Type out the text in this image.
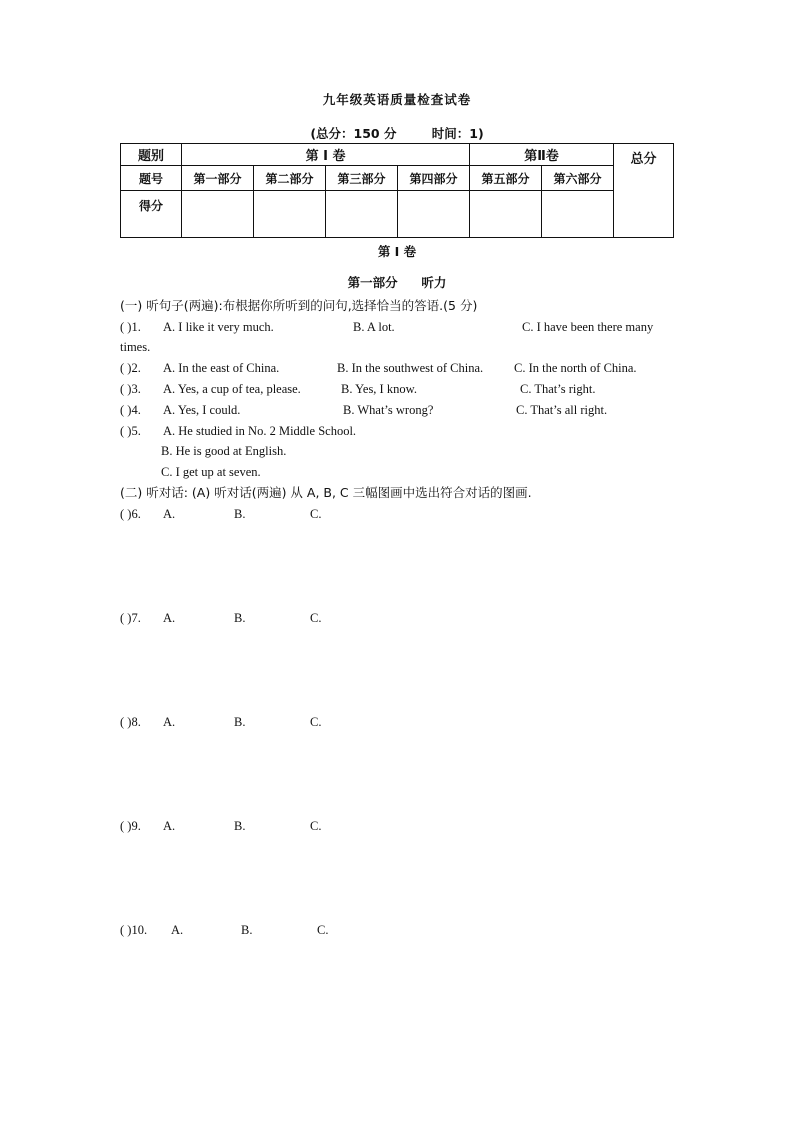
九年级英语质量检查试卷
(总分：150 分	时间：1)
题别	第 I 卷				第Ⅱ卷		总分
题号	第一部分	第二部分	第三部分	第四部分	第五部分	第六部分	
得分							
第 I 卷
第一部分 听力
(一) 听句子(两遍):布根据你所听到的问句,选择恰当的答语.(5 分)
( )1. A. I like it very much.	B. A lot.	C. I have been there many
times.
( )2. A. In the east of China.	B. In the southwest of China. C. In the north of China.
( )3. A. Yes, a cup of tea, please.	B. Yes, I know.	C. That’s right.
( )4. A. Yes, I could.	B. What’s wrong?	C. That’s all right.
( )5. A. He studied in No. 2 Middle School.
B. He is good at English.
C. I get up at seven.
(二) 听对话: (A) 听对话(两遍) 从 A, B, C 三幅图画中选出符合对话的图画.
( )6. A.	B.	C.
( )7. A.	B.	C.
( )8. A.	B.	C.
( )9. A.	B.	C.
( )10. A.	B.	C.
